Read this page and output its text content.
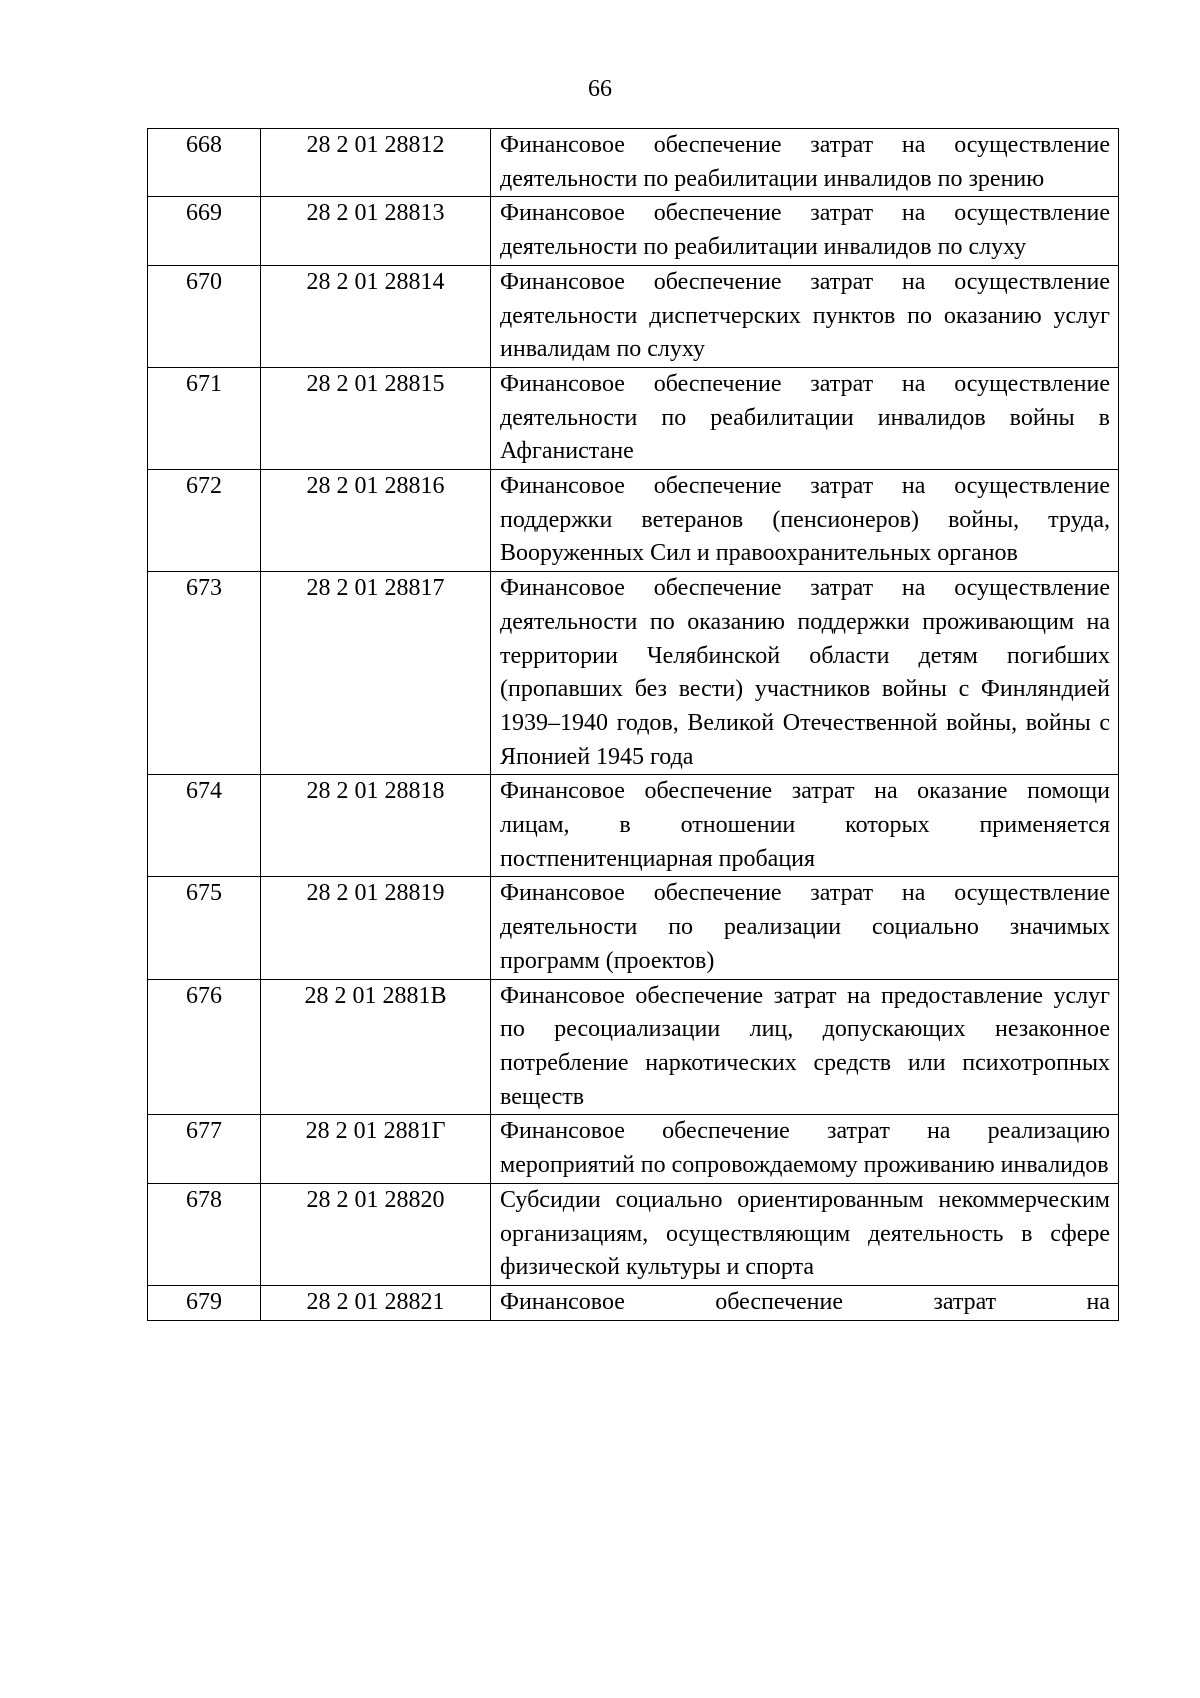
66
668	28 2 01 28812	Финансовое обеспечение затрат на осуществление деятельности по реабилитации инвалидов по зрению
669	28 2 01 28813	Финансовое обеспечение затрат на осуществление деятельности по реабилитации инвалидов по слуху
670	28 2 01 28814	Финансовое обеспечение затрат на осуществление деятельности диспетчерских пунктов по оказанию услуг инвалидам по слуху
671	28 2 01 28815	Финансовое обеспечение затрат на осуществление деятельности по реабилитации инвалидов войны в Афганистане
672	28 2 01 28816	Финансовое обеспечение затрат на осуществление поддержки ветеранов (пенсионеров) войны, труда, Вооруженных Сил и правоохранительных органов
673	28 2 01 28817	Финансовое обеспечение затрат на осуществление деятельности по оказанию поддержки проживающим на территории Челябинской области детям погибших (пропавших без вести) участников войны с Финляндией 1939–1940 годов, Великой Отечественной войны, войны с Японией 1945 года
674	28 2 01 28818	Финансовое обеспечение затрат на оказание помощи лицам, в отношении которых применяется постпенитенциарная пробация
675	28 2 01 28819	Финансовое обеспечение затрат на осуществление деятельности по реализации социально значимых программ (проектов)
676	28 2 01 2881В	Финансовое обеспечение затрат на предоставление услуг по ресоциализации лиц, допускающих незаконное потребление наркотических средств или психотропных веществ
677	28 2 01 2881Г	Финансовое обеспечение затрат на реализацию мероприятий по сопровождаемому проживанию инвалидов
678	28 2 01 28820	Субсидии социально ориентированным некоммерческим организациям, осуществляющим деятельность в сфере физической культуры и спорта
679	28 2 01 28821	Финансовое обеспечение затрат на
